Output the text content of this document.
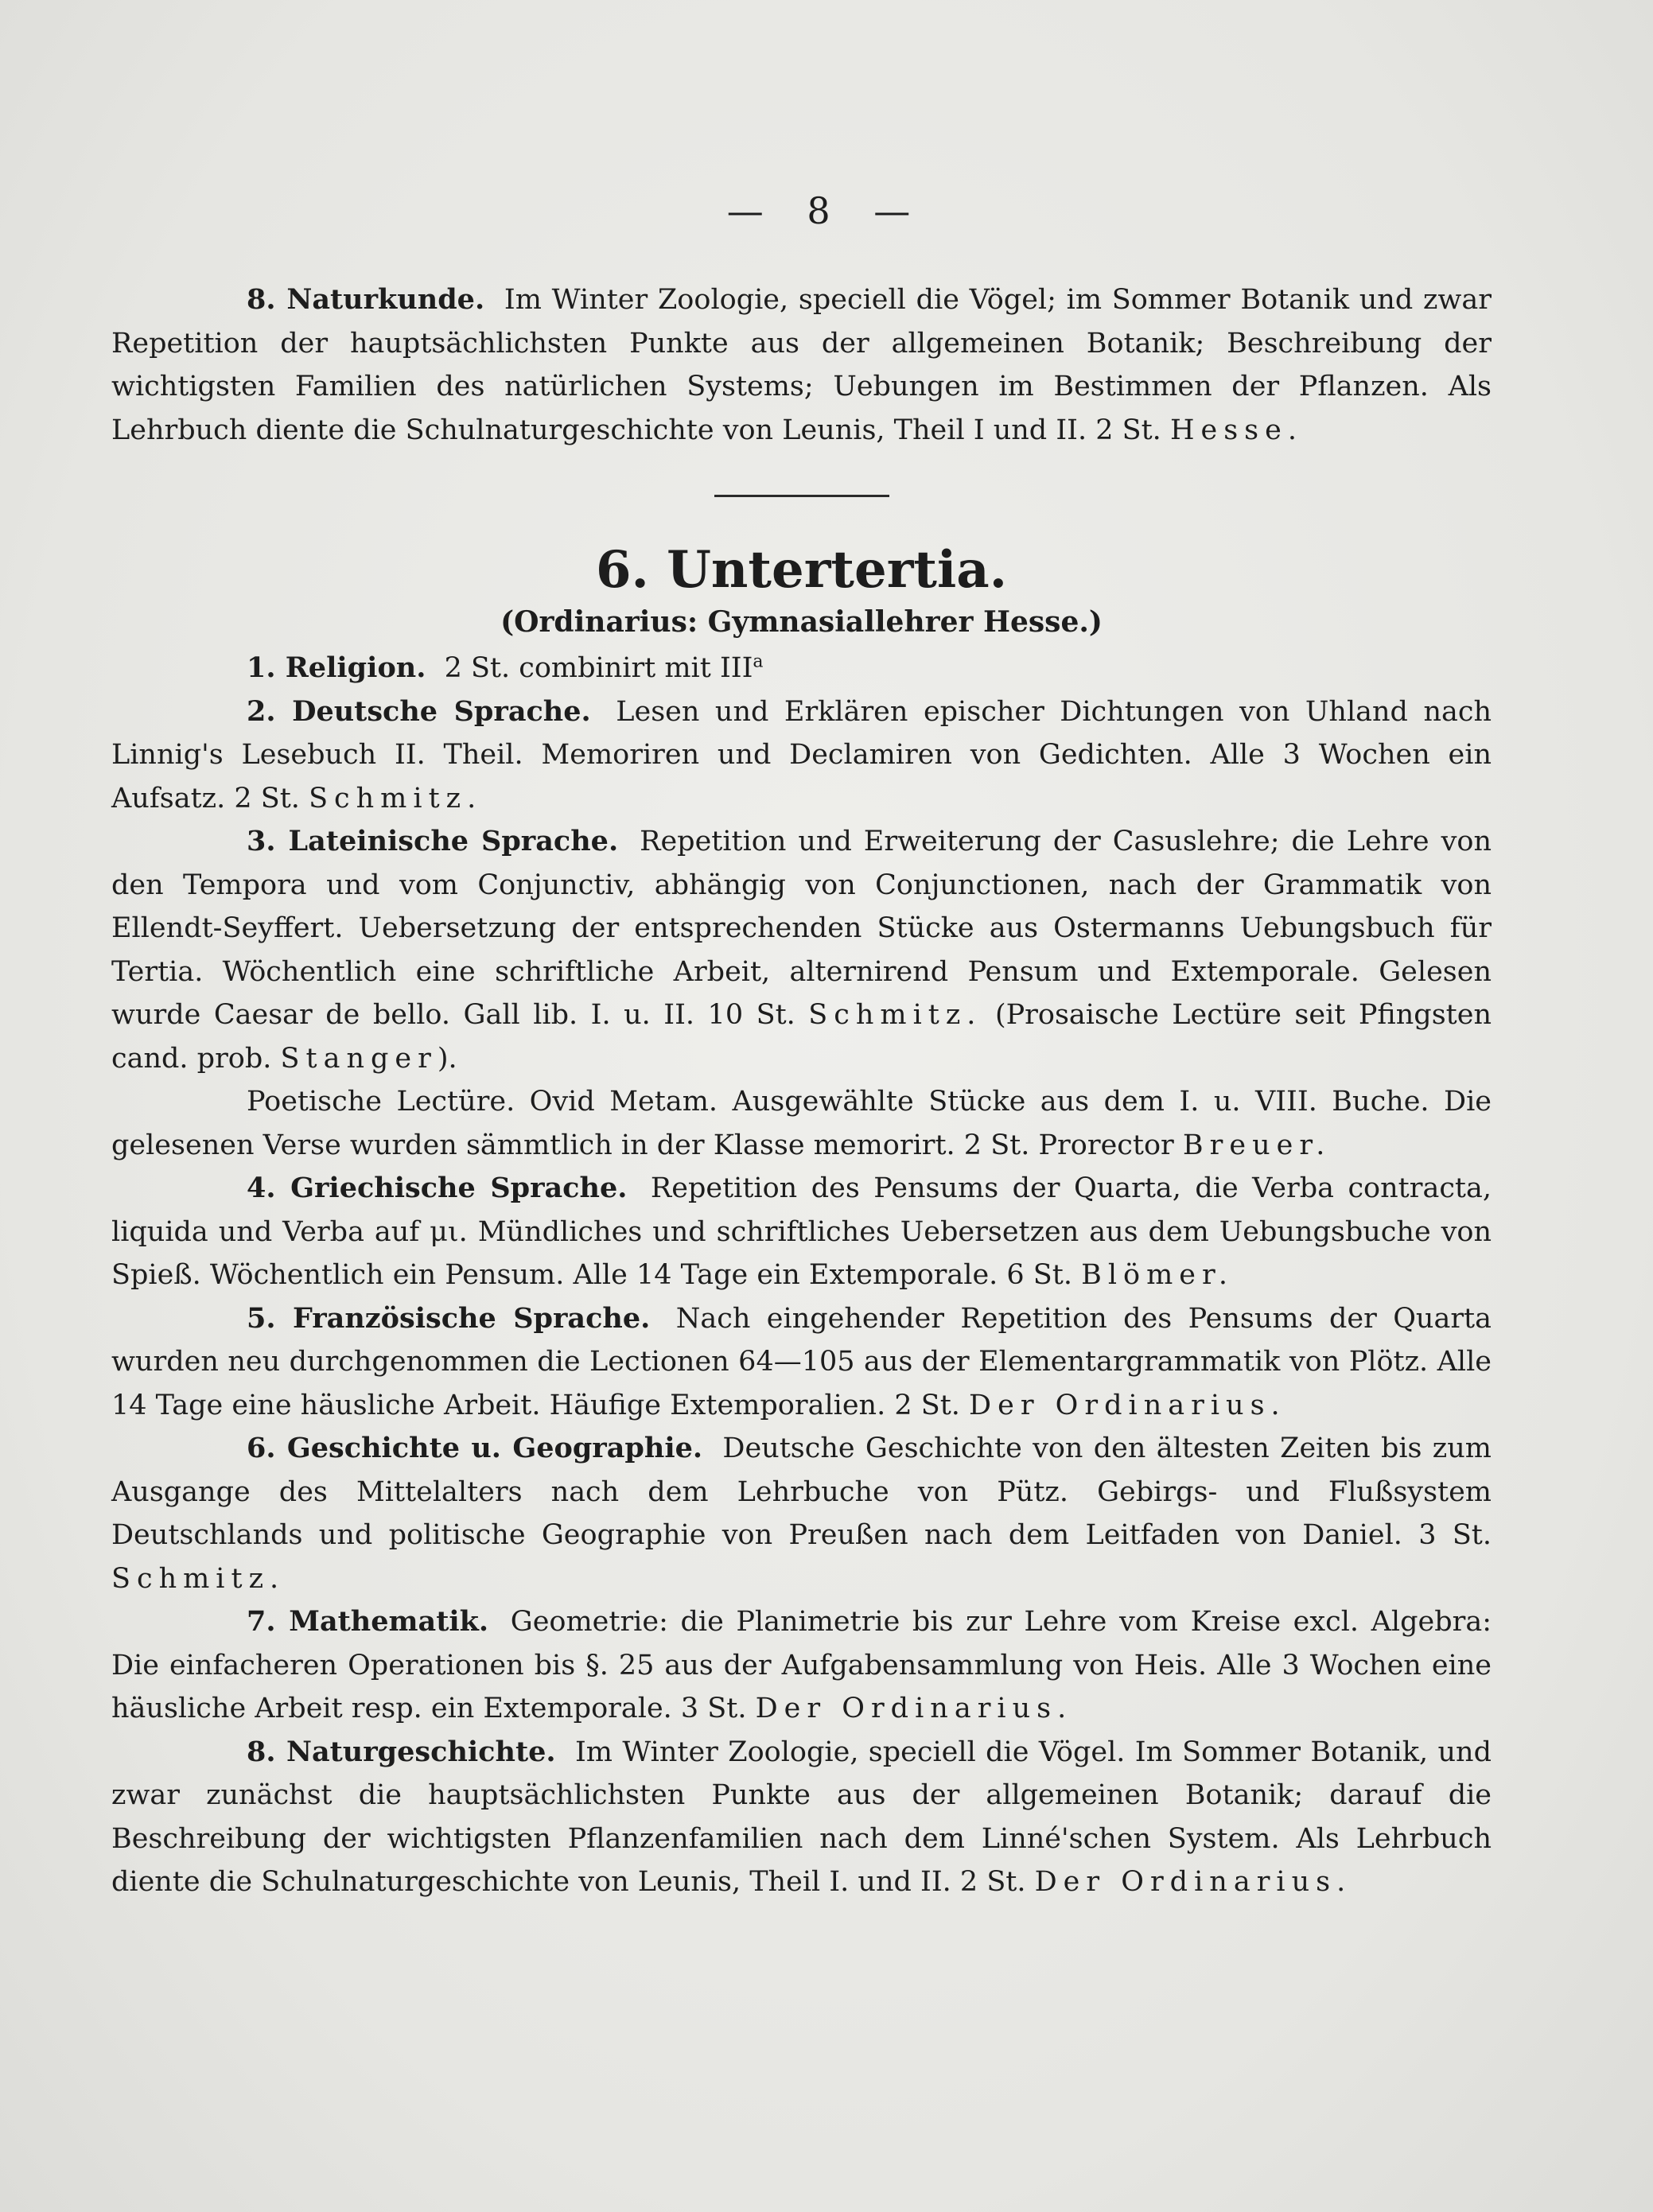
— 8 —

8. Naturkunde. Im Winter Zoologie, speciell die Vögel; im Sommer Botanik und zwar Repetition der hauptsächlichsten Punkte aus der allgemeinen Botanik; Beschreibung der wichtigsten Familien des natürlichen Systems; Uebungen im Bestimmen der Pflanzen. Als Lehrbuch diente die Schulnaturgeschichte von Leunis, Theil I und II. 2 St. Hesse.

6. Untertertia.

(Ordinarius: Gymnasiallehrer Hesse.)

1. Religion. 2 St. combinirt mit III$^a$

2. Deutsche Sprache. Lesen und Erklären epischer Dichtungen von Uhland nach Linnig's Lesebuch II. Theil. Memoriren und Declamiren von Gedichten. Alle 3 Wochen ein Aufsatz. 2 St. Schmitz.

3. Lateinische Sprache. Repetition und Erweiterung der Casuslehre; die Lehre von den Tempora und vom Conjunctiv, abhängig von Conjunctionen, nach der Grammatik von Ellendt-Seyffert. Uebersetzung der entsprechenden Stücke aus Ostermanns Uebungsbuch für Tertia. Wöchentlich eine schriftliche Arbeit, alternirend Pensum und Extemporale. Gelesen wurde Caesar de bello. Gall lib. I. u. II. 10 St. Schmitz. (Prosaische Lectüre seit Pfingsten cand. prob. Stanger).

Poetische Lectüre. Ovid Metam. Ausgewählte Stücke aus dem I. u. VIII. Buche. Die gelesenen Verse wurden sämmtlich in der Klasse memorirt. 2 St. Prorector Breuer.

4. Griechische Sprache. Repetition des Pensums der Quarta, die Verba contracta, liquida und Verba auf μι. Mündliches und schriftliches Uebersetzen aus dem Uebungsbuche von Spieß. Wöchentlich ein Pensum. Alle 14 Tage ein Extemporale. 6 St. Blömer.

5. Französische Sprache. Nach eingehender Repetition des Pensums der Quarta wurden neu durchgenommen die Lectionen 64—105 aus der Elementargrammatik von Plötz. Alle 14 Tage eine häusliche Arbeit. Häufige Extemporalien. 2 St. Der Ordinarius.

6. Geschichte u. Geographie. Deutsche Geschichte von den ältesten Zeiten bis zum Ausgange des Mittelalters nach dem Lehrbuche von Pütz. Gebirgs- und Flußsystem Deutschlands und politische Geographie von Preußen nach dem Leitfaden von Daniel. 3 St. Schmitz.

7. Mathematik. Geometrie: die Planimetrie bis zur Lehre vom Kreise excl. Algebra: Die einfacheren Operationen bis §. 25 aus der Aufgabensammlung von Heis. Alle 3 Wochen eine häusliche Arbeit resp. ein Extemporale. 3 St. Der Ordinarius.

8. Naturgeschichte. Im Winter Zoologie, speciell die Vögel. Im Sommer Botanik, und zwar zunächst die hauptsächlichsten Punkte aus der allgemeinen Botanik; darauf die Beschreibung der wichtigsten Pflanzenfamilien nach dem Linné'schen System. Als Lehrbuch diente die Schulnaturgeschichte von Leunis, Theil I. und II. 2 St. Der Ordinarius.
